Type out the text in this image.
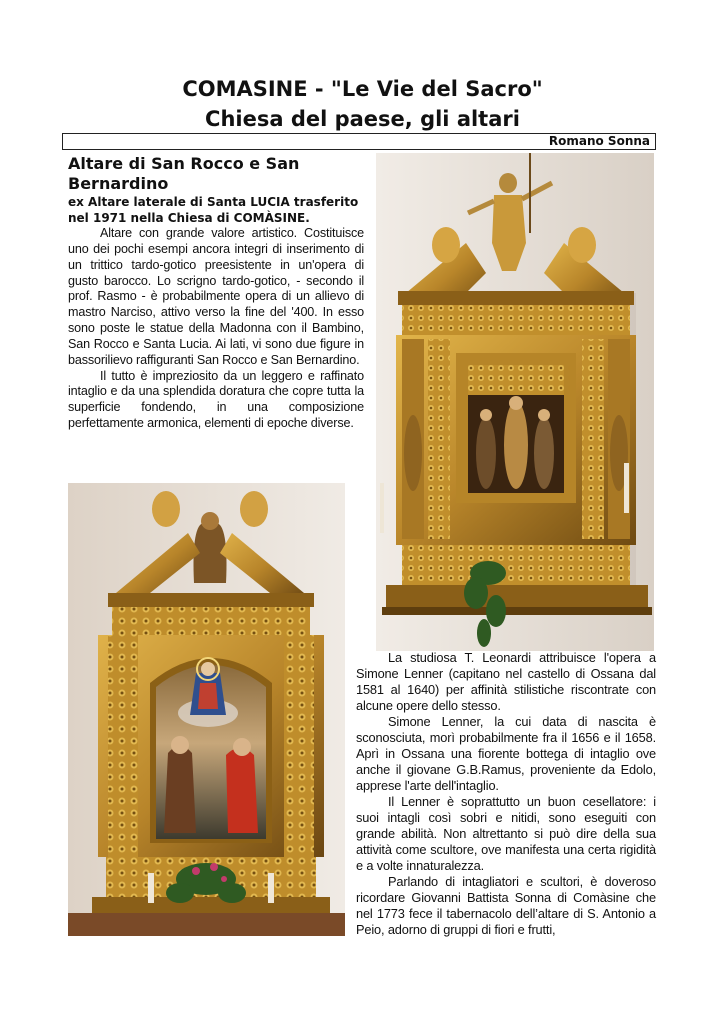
COMASINE - "Le Vie del Sacro"
Chiesa del paese, gli altari
Romano Sonna
Altare di San Rocco e San Bernardino

ex Altare laterale di Santa LUCIA trasferito nel 1971 nella Chiesa di COMÀSINE.

Altare con grande valore artistico. Costituisce uno dei pochi esempi ancora integri di inserimento di un trittico tardo-gotico preesistente in un'opera di gusto barocco. Lo scrigno tardo-gotico, - secondo il prof. Rasmo - è probabilmente opera di un allievo di mastro Narciso, attivo verso la fine del '400. In esso sono poste le statue della Madonna con il Bambino, San Rocco e Santa Lucia. Ai lati, vi sono due figure in bassorilievo raffiguranti San Rocco e San Bernardino.

Il tutto è impreziosito da un leggero e raffinato intaglio e da una splendida doratura che copre tutta la superficie fondendo, in una composizione perfettamente armonica, elementi di epoche diverse.

La studiosa T. Leonardi attribuisce l'opera a Simone Lenner (capitano nel castello di Ossana dal 1581 al 1640) per affinità stilistiche riscontrate con alcune opere dello stesso.

Simone Lenner, la cui data di nascita è sconosciuta, morì probabilmente fra il 1656 e il 1658. Aprì in Ossana una fiorente bottega di intaglio ove anche il giovane G.B.Ramus, proveniente da Edolo, apprese l'arte dell'intaglio.

Il Lenner è soprattutto un buon cesellatore: i suoi intagli così sobri e nitidi, sono eseguiti con grande abilità. Non altrettanto si può dire della sua attività come scultore, ove manifesta una certa rigidità e a volte innaturalezza.

Parlando di intagliatori e scultori, è doveroso ricordare Giovanni Battista Sonna di Comàsine che nel 1773 fece il tabernacolo dell’altare di S. Antonio a Peio, adorno di gruppi di fiori e frutti,
